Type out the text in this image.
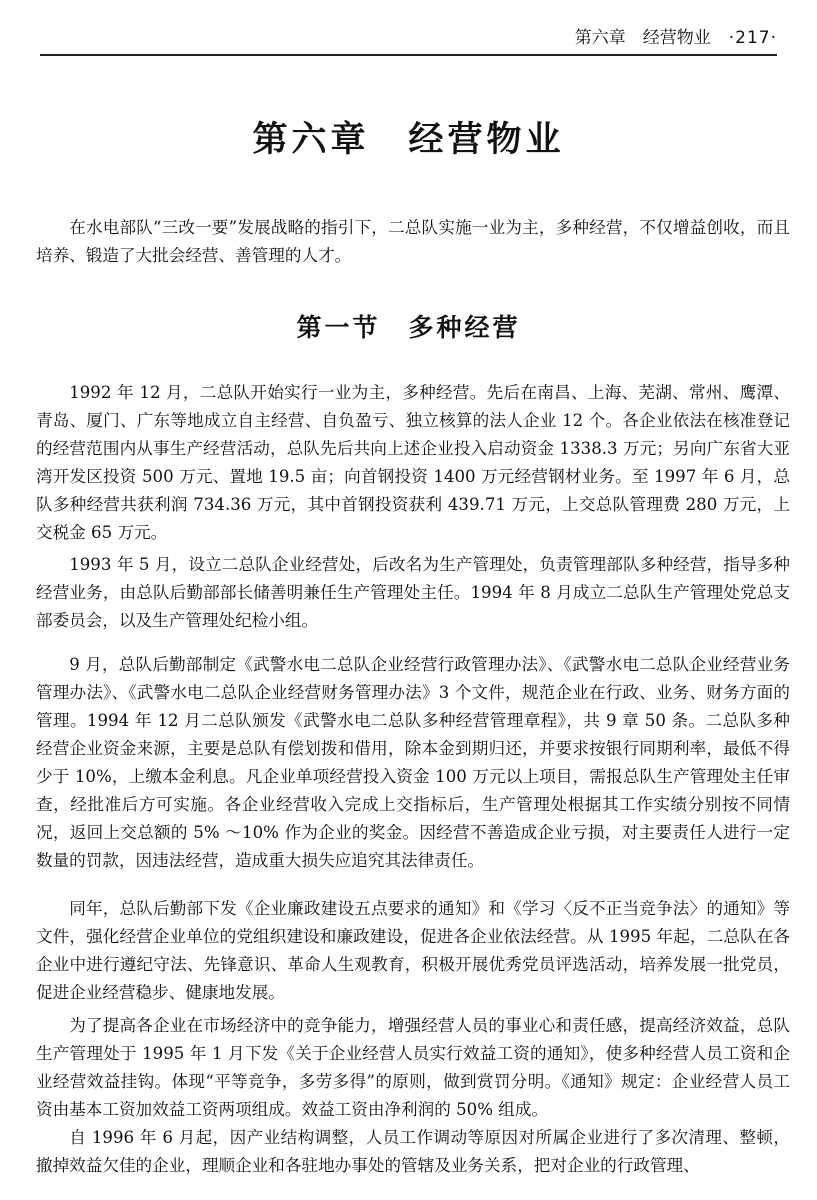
第六章　经营物业 ·217·
第六章　经营物业

在水电部队“三改一要”发展战略的指引下，二总队实施一业为主，多种经营，不仅增益创收，而且培养、锻造了大批会经营、善管理的人才。

第一节　多种经营

1992 年 12 月，二总队开始实行一业为主，多种经营。先后在南昌、上海、芜湖、常州、鹰潭、青岛、厦门、广东等地成立自主经营、自负盈亏、独立核算的法人企业 12 个。各企业依法在核准登记的经营范围内从事生产经营活动，总队先后共向上述企业投入启动资金 1338.3 万元；另向广东省大亚湾开发区投资 500 万元、置地 19.5 亩；向首钢投资 1400 万元经营钢材业务。至 1997 年 6 月，总队多种经营共获利润 734.36 万元，其中首钢投资获利 439.71 万元，上交总队管理费 280 万元，上交税金 65 万元。

1993 年 5 月，设立二总队企业经营处，后改名为生产管理处，负责管理部队多种经营，指导多种经营业务，由总队后勤部部长储善明兼任生产管理处主任。1994 年 8 月成立二总队生产管理处党总支部委员会，以及生产管理处纪检小组。

9 月，总队后勤部制定《武警水电二总队企业经营行政管理办法》、《武警水电二总队企业经营业务管理办法》、《武警水电二总队企业经营财务管理办法》3 个文件，规范企业在行政、业务、财务方面的管理。1994 年 12 月二总队颁发《武警水电二总队多种经营管理章程》，共 9 章 50 条。二总队多种经营企业资金来源，主要是总队有偿划拨和借用，除本金到期归还，并要求按银行同期利率，最低不得少于 10%，上缴本金利息。凡企业单项经营投入资金 100 万元以上项目，需报总队生产管理处主任审查，经批准后方可实施。各企业经营收入完成上交指标后，生产管理处根据其工作实绩分别按不同情况，返回上交总额的 5% ～10% 作为企业的奖金。因经营不善造成企业亏损，对主要责任人进行一定数量的罚款，因违法经营，造成重大损失应追究其法律责任。

同年，总队后勤部下发《企业廉政建设五点要求的通知》和《学习〈反不正当竞争法〉的通知》等文件，强化经营企业单位的党组织建设和廉政建设，促进各企业依法经营。从 1995 年起，二总队在各企业中进行遵纪守法、先锋意识、革命人生观教育，积极开展优秀党员评选活动，培养发展一批党员，促进企业经营稳步、健康地发展。

为了提高各企业在市场经济中的竞争能力，增强经营人员的事业心和责任感，提高经济效益，总队生产管理处于 1995 年 1 月下发《关于企业经营人员实行效益工资的通知》，使多种经营人员工资和企业经营效益挂钩。体现“平等竞争，多劳多得”的原则，做到赏罚分明。《通知》规定：企业经营人员工资由基本工资加效益工资两项组成。效益工资由净利润的 50% 组成。

自 1996 年 6 月起，因产业结构调整，人员工作调动等原因对所属企业进行了多次清理、整顿，撤掉效益欠佳的企业，理顺企业和各驻地办事处的管辖及业务关系，把对企业的行政管理、
